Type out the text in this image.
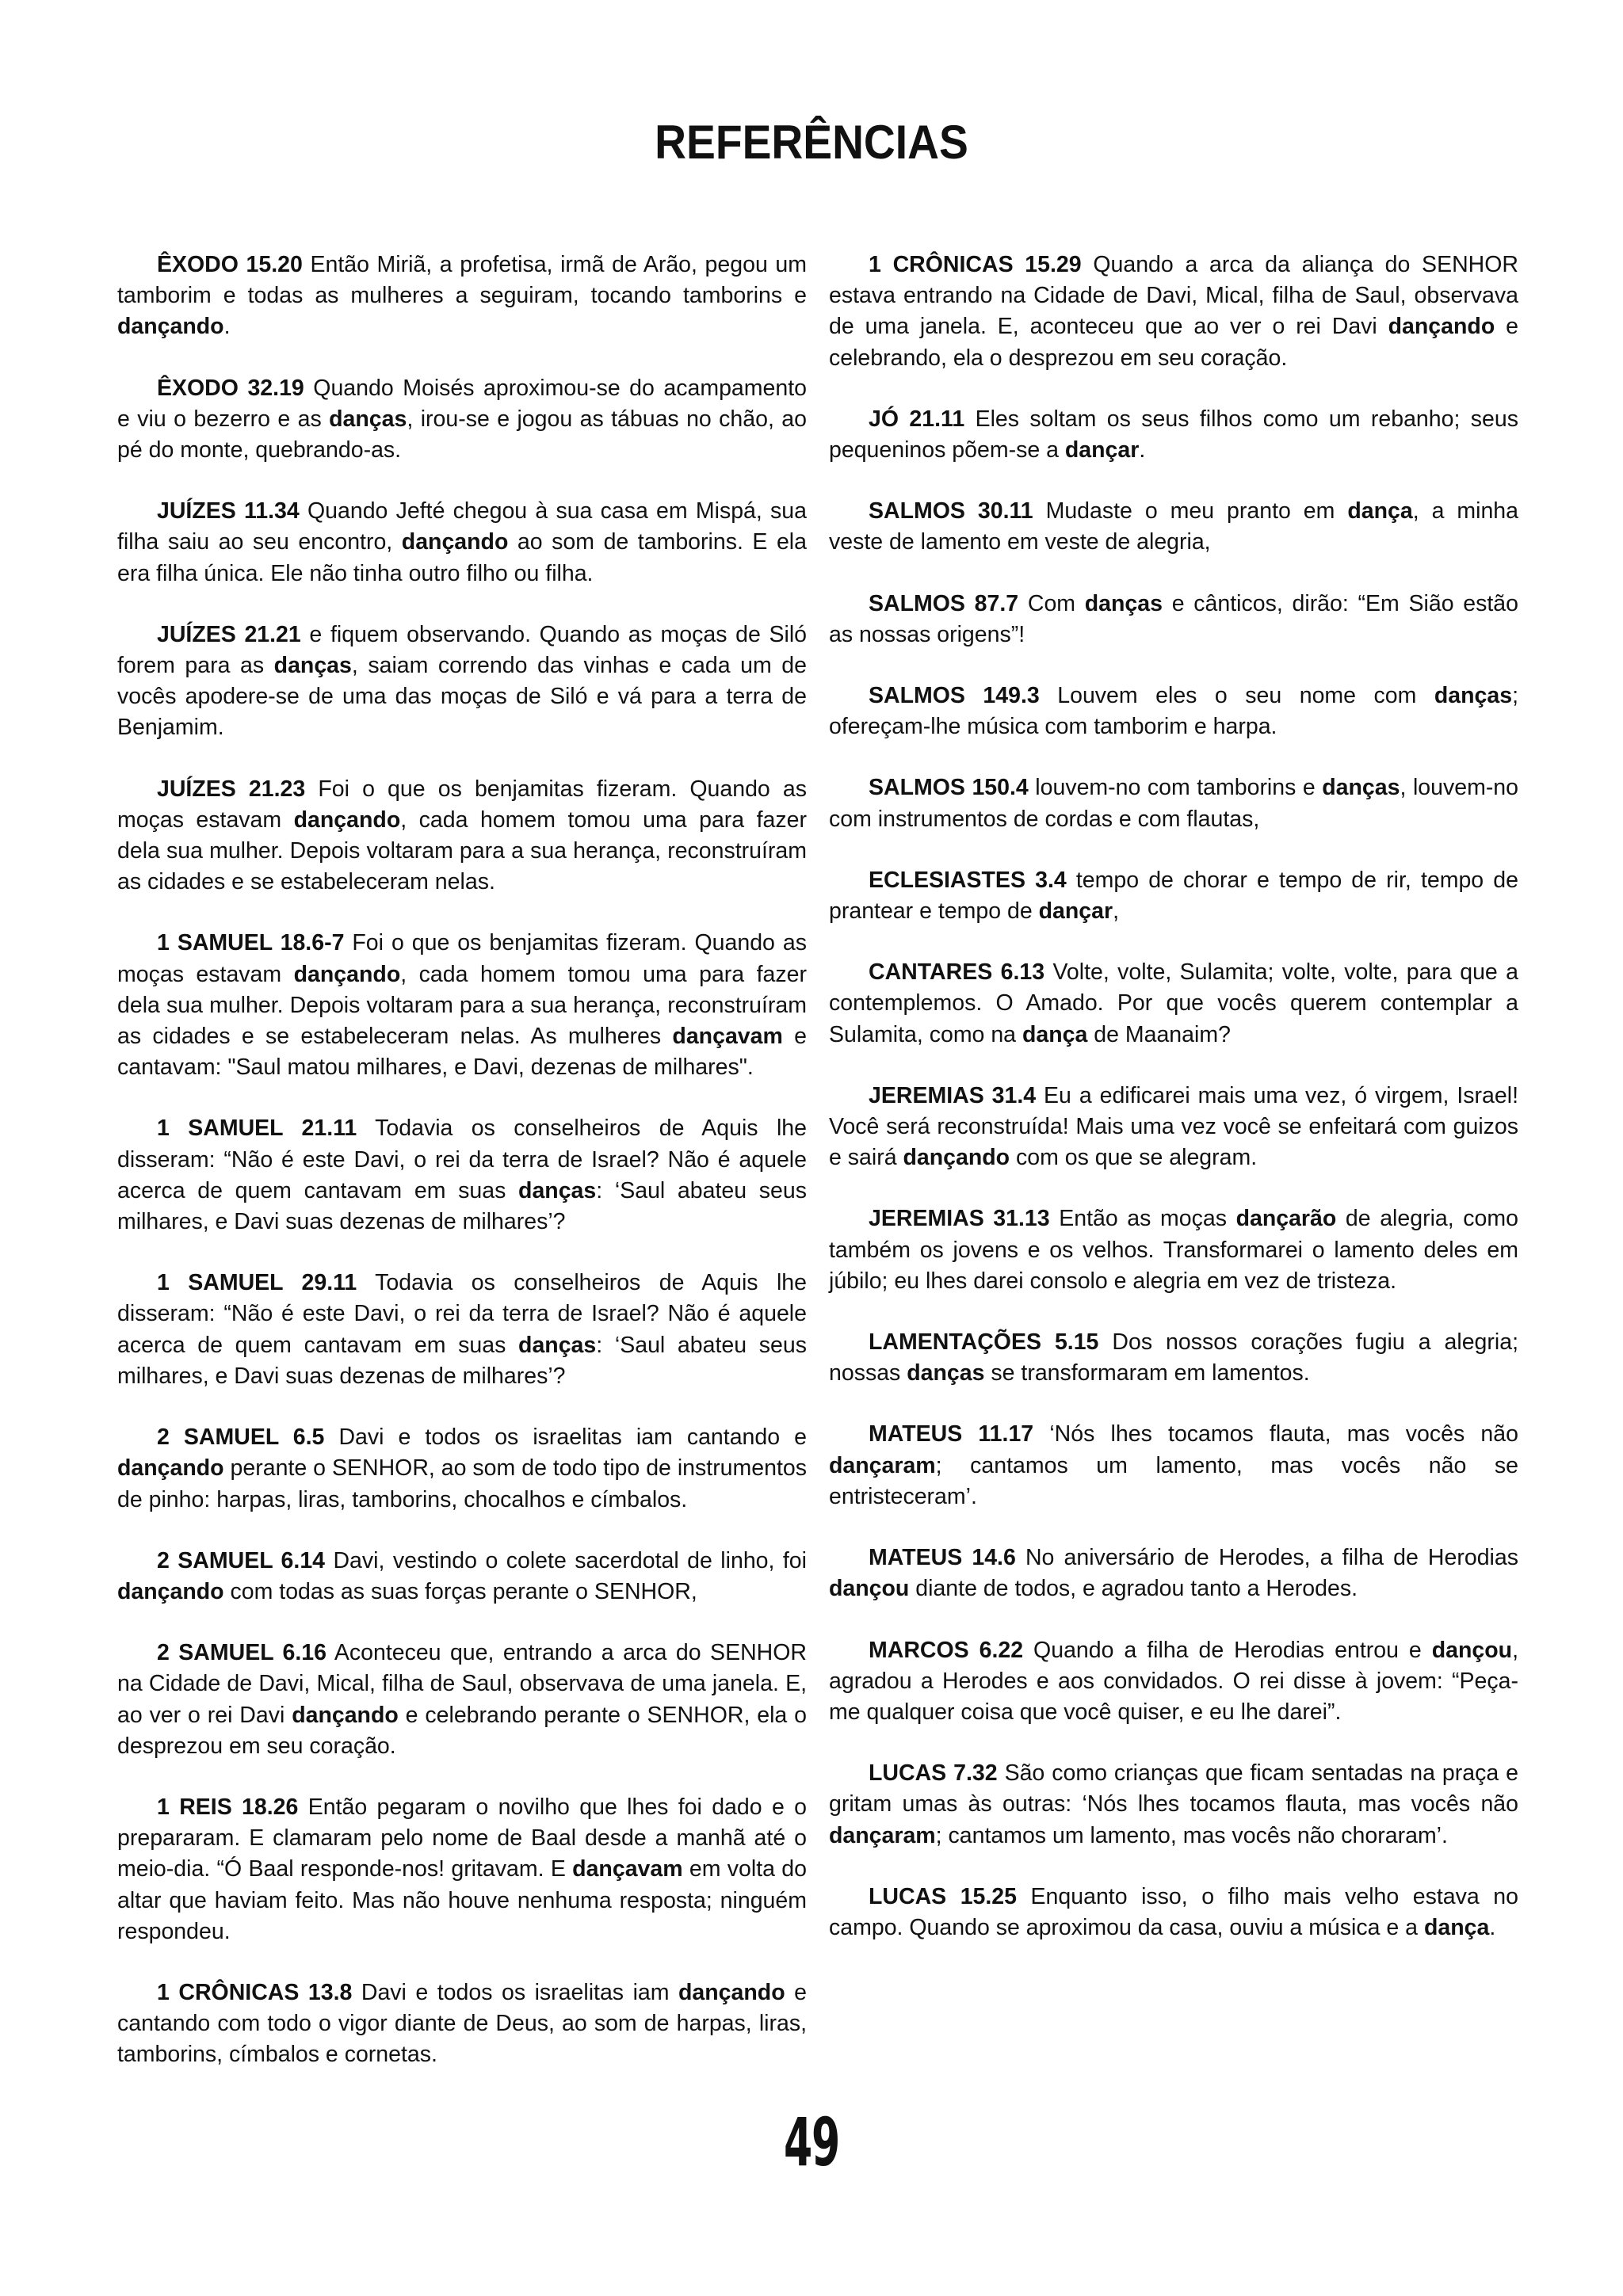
REFERÊNCIAS

ÊXODO 15.20 Então Miriã, a profetisa, irmã de Arão, pegou um tamborim e todas as mulheres a seguiram, tocando tamborins e dançando.

ÊXODO 32.19 Quando Moisés aproximou-se do acampamento e viu o bezerro e as danças, irou-se e jogou as tábuas no chão, ao pé do monte, quebrando-as.

JUÍZES 11.34 Quando Jefté chegou à sua casa em Mispá, sua filha saiu ao seu encontro, dançando ao som de tamborins. E ela era filha única. Ele não tinha outro filho ou filha.

JUÍZES 21.21 e fiquem observando. Quando as moças de Siló forem para as danças, saiam correndo das vinhas e cada um de vocês apodere-se de uma das moças de Siló e vá para a terra de Benjamim.

JUÍZES 21.23 Foi o que os benjamitas fizeram. Quando as moças estavam dançando, cada homem tomou uma para fazer dela sua mulher. Depois voltaram para a sua herança, reconstruíram as cidades e se estabeleceram nelas.

1 SAMUEL 18.6-7 Foi o que os benjamitas fizeram. Quando as moças estavam dançando, cada homem tomou uma para fazer dela sua mulher. Depois voltaram para a sua herança, reconstruíram as cidades e se estabeleceram nelas. As mulheres dançavam e cantavam: "Saul matou milhares, e Davi, dezenas de milhares".

1 SAMUEL 21.11 Todavia os conselheiros de Aquis lhe disseram: “Não é este Davi, o rei da terra de Israel? Não é aquele acerca de quem cantavam em suas danças: ‘Saul abateu seus milhares, e Davi suas dezenas de milhares’?

1 SAMUEL 29.11 Todavia os conselheiros de Aquis lhe disseram: “Não é este Davi, o rei da terra de Israel? Não é aquele acerca de quem cantavam em suas danças: ‘Saul abateu seus milhares, e Davi suas dezenas de milhares’?

2 SAMUEL 6.5 Davi e todos os israelitas iam cantando e dançando perante o SENHOR, ao som de todo tipo de instrumentos de pinho: harpas, liras, tamborins, chocalhos e címbalos.

2 SAMUEL 6.14 Davi, vestindo o colete sacerdotal de linho, foi dançando com todas as suas forças perante o SENHOR,

2 SAMUEL 6.16 Aconteceu que, entrando a arca do SENHOR na Cidade de Davi, Mical, filha de Saul, observava de uma janela. E, ao ver o rei Davi dançando e celebrando perante o SENHOR, ela o desprezou em seu coração.

1 REIS 18.26 Então pegaram o novilho que lhes foi dado e o prepararam. E clamaram pelo nome de Baal desde a manhã até o meio-dia. “Ó Baal responde-nos! gritavam. E dançavam em volta do altar que haviam feito. Mas não houve nenhuma resposta; ninguém respondeu.

1 CRÔNICAS 13.8 Davi e todos os israelitas iam dançando e cantando com todo o vigor diante de Deus, ao som de harpas, liras, tamborins, címbalos e cornetas.

1 CRÔNICAS 15.29 Quando a arca da aliança do SENHOR estava entrando na Cidade de Davi, Mical, filha de Saul, observava de uma janela. E, aconteceu que ao ver o rei Davi dançando e celebrando, ela o desprezou em seu coração.

JÓ 21.11 Eles soltam os seus filhos como um rebanho; seus pequeninos põem-se a dançar.

SALMOS 30.11 Mudaste o meu pranto em dança, a minha veste de lamento em veste de alegria,

SALMOS 87.7 Com danças e cânticos, dirão: “Em Sião estão as nossas origens”!

SALMOS 149.3 Louvem eles o seu nome com danças; ofereçam-lhe música com tamborim e harpa.

SALMOS 150.4 louvem-no com tamborins e danças, louvem-no com instrumentos de cordas e com flautas,

ECLESIASTES 3.4 tempo de chorar e tempo de rir, tempo de prantear e tempo de dançar,

CANTARES 6.13 Volte, volte, Sulamita; volte, volte, para que a contemplemos. O Amado. Por que vocês querem contemplar a Sulamita, como na dança de Maanaim?

JEREMIAS 31.4 Eu a edificarei mais uma vez, ó virgem, Israel! Você será reconstruída! Mais uma vez você se enfeitará com guizos e sairá dançando com os que se alegram.

JEREMIAS 31.13 Então as moças dançarão de alegria, como também os jovens e os velhos. Transformarei o lamento deles em júbilo; eu lhes darei consolo e alegria em vez de tristeza.

LAMENTAÇÕES 5.15 Dos nossos corações fugiu a alegria; nossas danças se transformaram em lamentos.

MATEUS 11.17 ‘Nós lhes tocamos flauta, mas vocês não dançaram; cantamos um lamento, mas vocês não se entristeceram’.

MATEUS 14.6 No aniversário de Herodes, a filha de Herodias dançou diante de todos, e agradou tanto a Herodes.

MARCOS 6.22 Quando a filha de Herodias entrou e dançou, agradou a Herodes e aos convidados. O rei disse à jovem: “Peça-me qualquer coisa que você quiser, e eu lhe darei”.

LUCAS 7.32 São como crianças que ficam sentadas na praça e gritam umas às outras: ‘Nós lhes tocamos flauta, mas vocês não dançaram; cantamos um lamento, mas vocês não choraram’.

LUCAS 15.25 Enquanto isso, o filho mais velho estava no campo. Quando se aproximou da casa, ouviu a música e a dança.

49
